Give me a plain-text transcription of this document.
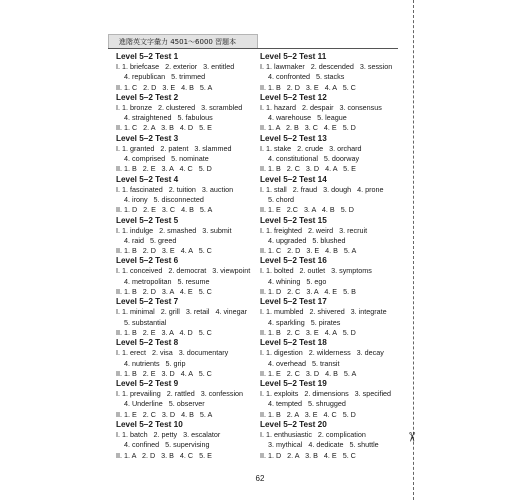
進階英文字彙力 4501～6000 習題本
Level 5–2 Test 1
I. 1. briefcase   2. exterior   3. entitled
4. republican   5. trimmed
II. 1. C   2. D   3. E   4. B   5. A
Level 5–2 Test 2
I. 1. bronze   2. clustered   3. scrambled
4. straightened   5. fabulous
II. 1. C   2. A   3. B   4. D   5. E
Level 5–2 Test 3
I. 1. granted   2. patent   3. slammed
4. comprised   5. nominate
II. 1. B   2. E   3. A   4. C   5. D
Level 5–2 Test 4
I. 1. fascinated   2. tuition   3. auction
4. irony   5. disconnected
II. 1. D   2. E   3. C   4. B   5. A
Level 5–2 Test 5
I. 1. indulge   2. smashed   3. submit
4. raid   5. greed
II. 1. B   2. D   3. E   4. A   5. C
Level 5–2 Test 6
I. 1. conceived   2. democrat   3. viewpoint
4. metropolitan   5. resume
II. 1. B   2. D   3. A   4. E   5. C
Level 5–2 Test 7
I. 1. minimal   2. grill   3. retail   4. vinegar
5. substantial
II. 1. B   2. E   3. A   4. D   5. C
Level 5–2 Test 8
I. 1. erect   2. visa   3. documentary
4. nutrients   5. grip
II. 1. B   2. E   3. D   4. A   5. C
Level 5–2 Test 9
I. 1. prevailing   2. rattled   3. confession
4. Underline   5. observer
II. 1. E   2. C   3. D   4. B   5. A
Level 5–2 Test 10
I. 1. batch   2. petty   3. escalator
4. confined   5. supervising
II. 1. A   2. D   3. B   4. C   5. E
Level 5–2 Test 11
I. 1. lawmaker   2. descended   3. session
4. confronted   5. stacks
II. 1. B   2. D   3. E   4. A   5. C
Level 5–2 Test 12
I. 1. hazard   2. despair   3. consensus
4. warehouse   5. league
II. 1. A   2. B   3. C   4. E   5. D
Level 5–2 Test 13
I. 1. stake   2. crude   3. orchard
4. constitutional   5. doorway
II. 1. B   2. C   3. D   4. A   5. E
Level 5–2 Test 14
I. 1. stall   2. fraud   3. dough   4. prone
5. chord
II. 1. E   2.C   3. A   4. B   5. D
Level 5–2 Test 15
I. 1. freighted   2. weird   3. recruit
4. upgraded   5. blushed
II. 1. C   2. D   3. E   4. B   5. A
Level 5–2 Test 16
I. 1. bolted   2. outlet   3. symptoms
4. whining   5. ego
II. 1. D   2. C   3. A   4. E   5. B
Level 5–2 Test 17
I. 1. mumbled   2. shivered   3. integrate
4. sparkling   5. pirates
II. 1. B   2. C   3. E   4. A   5. D
Level 5–2 Test 18
I. 1. digestion   2. wilderness   3. decay
4. overhead   5. transit
II. 1. E   2. C   3. D   4. B   5. A
Level 5–2 Test 19
I. 1. exploits   2. dimensions   3. specified
4. tempted   5. shrugged
II. 1. B   2. A   3. E   4. C   5. D
Level 5–2 Test 20
I. 1. enthusiastic   2. complication
3. mythical   4. dedicate   5. shuttle
II. 1. D   2. A   3. B   4. E   5. C
62
✂
